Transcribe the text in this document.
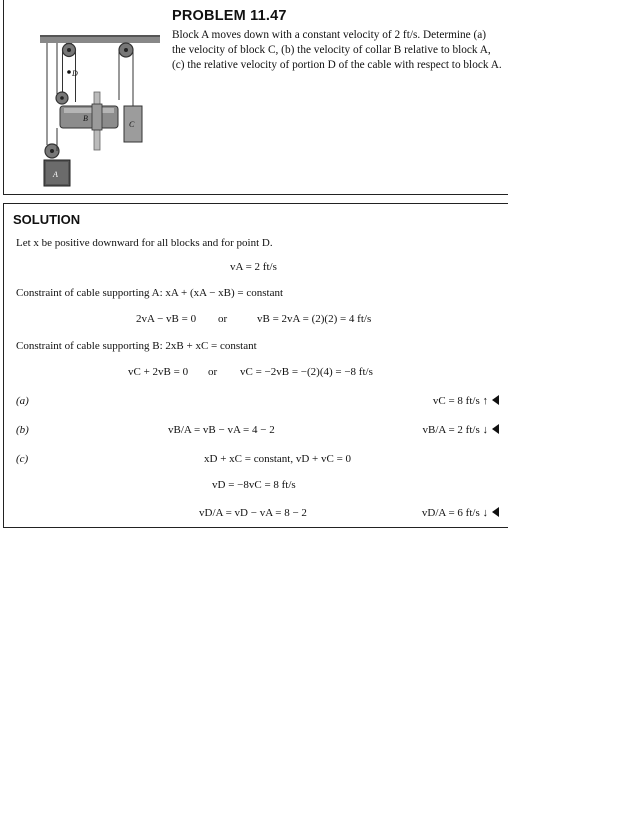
D
B
C
A
PROBLEM 11.47
Block A moves down with a constant velocity of 2 ft/s. Determine (a) the velocity of block C, (b) the velocity of collar B relative to block A, (c) the relative velocity of portion D of the cable with respect to block A.
SOLUTION
Let x be positive downward for all blocks and for point D.
vA = 2 ft/s
Constraint of cable supporting A: xA + (xA − xB) = constant
2vA − vB = 0 or	vB = 2vA = (2)(2) = 4 ft/s
Constraint of cable supporting B: 2xB + xC = constant
vC + 2vB = 0 or vC = −2vB = −(2)(4) = −8 ft/s
(a)	vC = 8 ft/s ↑
(b)	vB/A = vB − vA = 4 − 2	vB/A = 2 ft/s ↓
(c)	xD + xC = constant, vD + vC = 0
vD = −8vC = 8 ft/s
vD/A = vD − vA = 8 − 2	vD/A = 6 ft/s ↓
